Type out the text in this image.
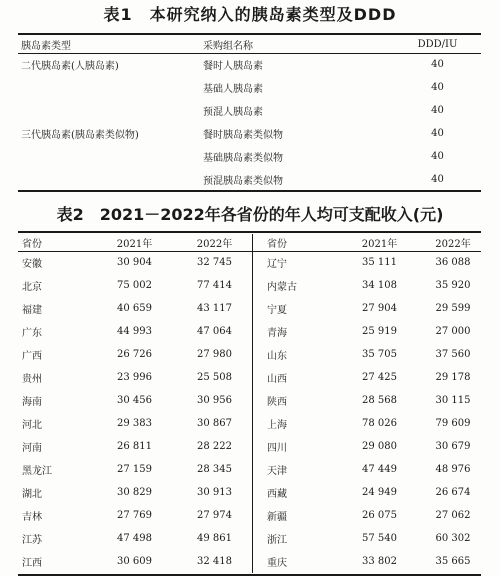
表1　本研究纳入的胰岛素类型及DDD
胰岛素类型	采购组名称	DDD/IU
二代胰岛素(人胰岛素)	餐时人胰岛素	40
	基础人胰岛素	40
	预混人胰岛素	40
三代胰岛素(胰岛素类似物)	餐时胰岛素类似物	40
	基础胰岛素类似物	40
	预混胰岛素类似物	40
表2　2021－2022年各省份的年人均可支配收入(元)
省份	2021年	2022年	省份	2021年	2022年
安徽	30 904	32 745	辽宁	35 111	36 088
北京	75 002	77 414	内蒙古	34 108	35 920
福建	40 659	43 117	宁夏	27 904	29 599
广东	44 993	47 064	青海	25 919	27 000
广西	26 726	27 980	山东	35 705	37 560
贵州	23 996	25 508	山西	27 425	29 178
海南	30 456	30 956	陕西	28 568	30 115
河北	29 383	30 867	上海	78 026	79 609
河南	26 811	28 222	四川	29 080	30 679
黑龙江	27 159	28 345	天津	47 449	48 976
湖北	30 829	30 913	西藏	24 949	26 674
吉林	27 769	27 974	新疆	26 075	27 062
江苏	47 498	49 861	浙江	57 540	60 302
江西	30 609	32 418	重庆	33 802	35 665
